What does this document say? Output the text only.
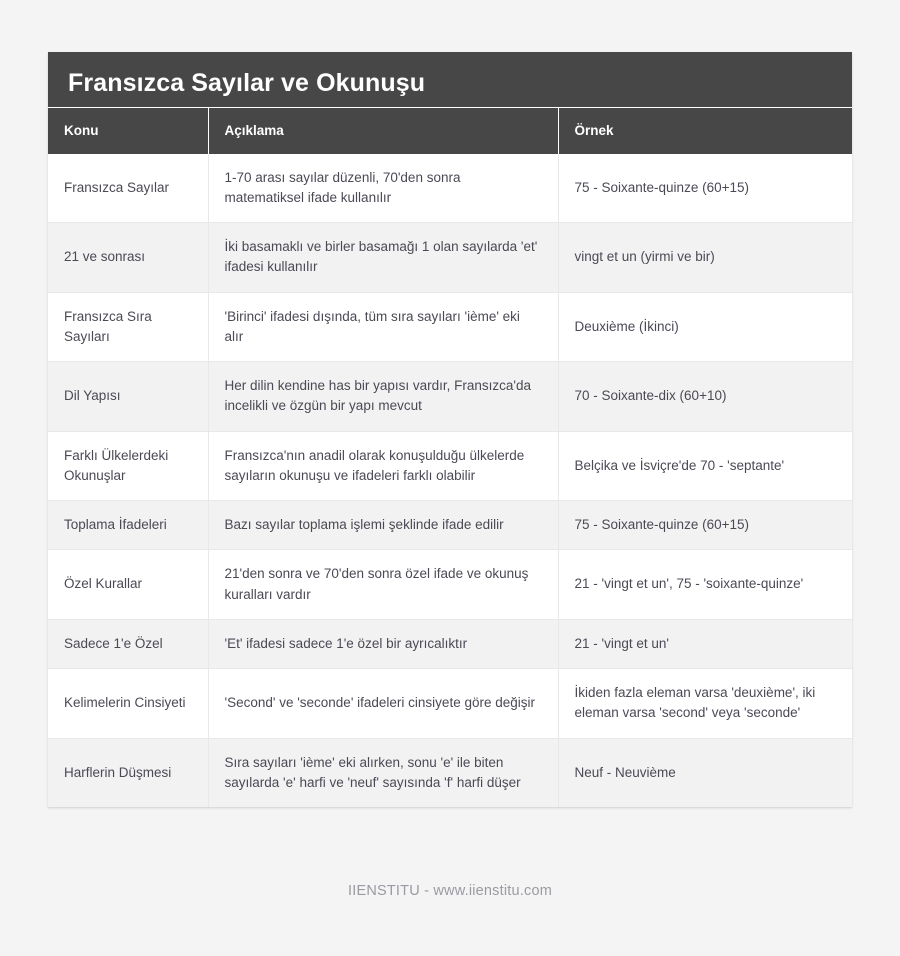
Fransızca Sayılar ve Okunuşu
Konu	Açıklama	Örnek
Fransızca Sayılar	1-70 arası sayılar düzenli, 70'den sonra matematiksel ifade kullanılır	75 - Soixante-quinze (60+15)
21 ve sonrası	İki basamaklı ve birler basamağı 1 olan sayılarda 'et' ifadesi kullanılır	vingt et un (yirmi ve bir)
Fransızca Sıra Sayıları	'Birinci' ifadesi dışında, tüm sıra sayıları 'ième' eki alır	Deuxième (İkinci)
Dil Yapısı	Her dilin kendine has bir yapısı vardır, Fransızca'da incelikli ve özgün bir yapı mevcut	70 - Soixante-dix (60+10)
Farklı Ülkelerdeki Okunuşlar	Fransızca'nın anadil olarak konuşulduğu ülkelerde sayıların okunuşu ve ifadeleri farklı olabilir	Belçika ve İsviçre'de 70 - 'septante'
Toplama İfadeleri	Bazı sayılar toplama işlemi şeklinde ifade edilir	75 - Soixante-quinze (60+15)
Özel Kurallar	21'den sonra ve 70'den sonra özel ifade ve okunuş kuralları vardır	21 - 'vingt et un', 75 - 'soixante-quinze'
Sadece 1'e Özel	'Et' ifadesi sadece 1'e özel bir ayrıcalıktır	21 - 'vingt et un'
Kelimelerin Cinsiyeti	'Second' ve 'seconde' ifadeleri cinsiyete göre değişir	İkiden fazla eleman varsa 'deuxième', iki eleman varsa 'second' veya 'seconde'
Harflerin Düşmesi	Sıra sayıları 'ième' eki alırken, sonu 'e' ile biten sayılarda 'e' harfi ve 'neuf' sayısında 'f' harfi düşer	Neuf - Neuvième
IIENSTITU - www.iienstitu.com
